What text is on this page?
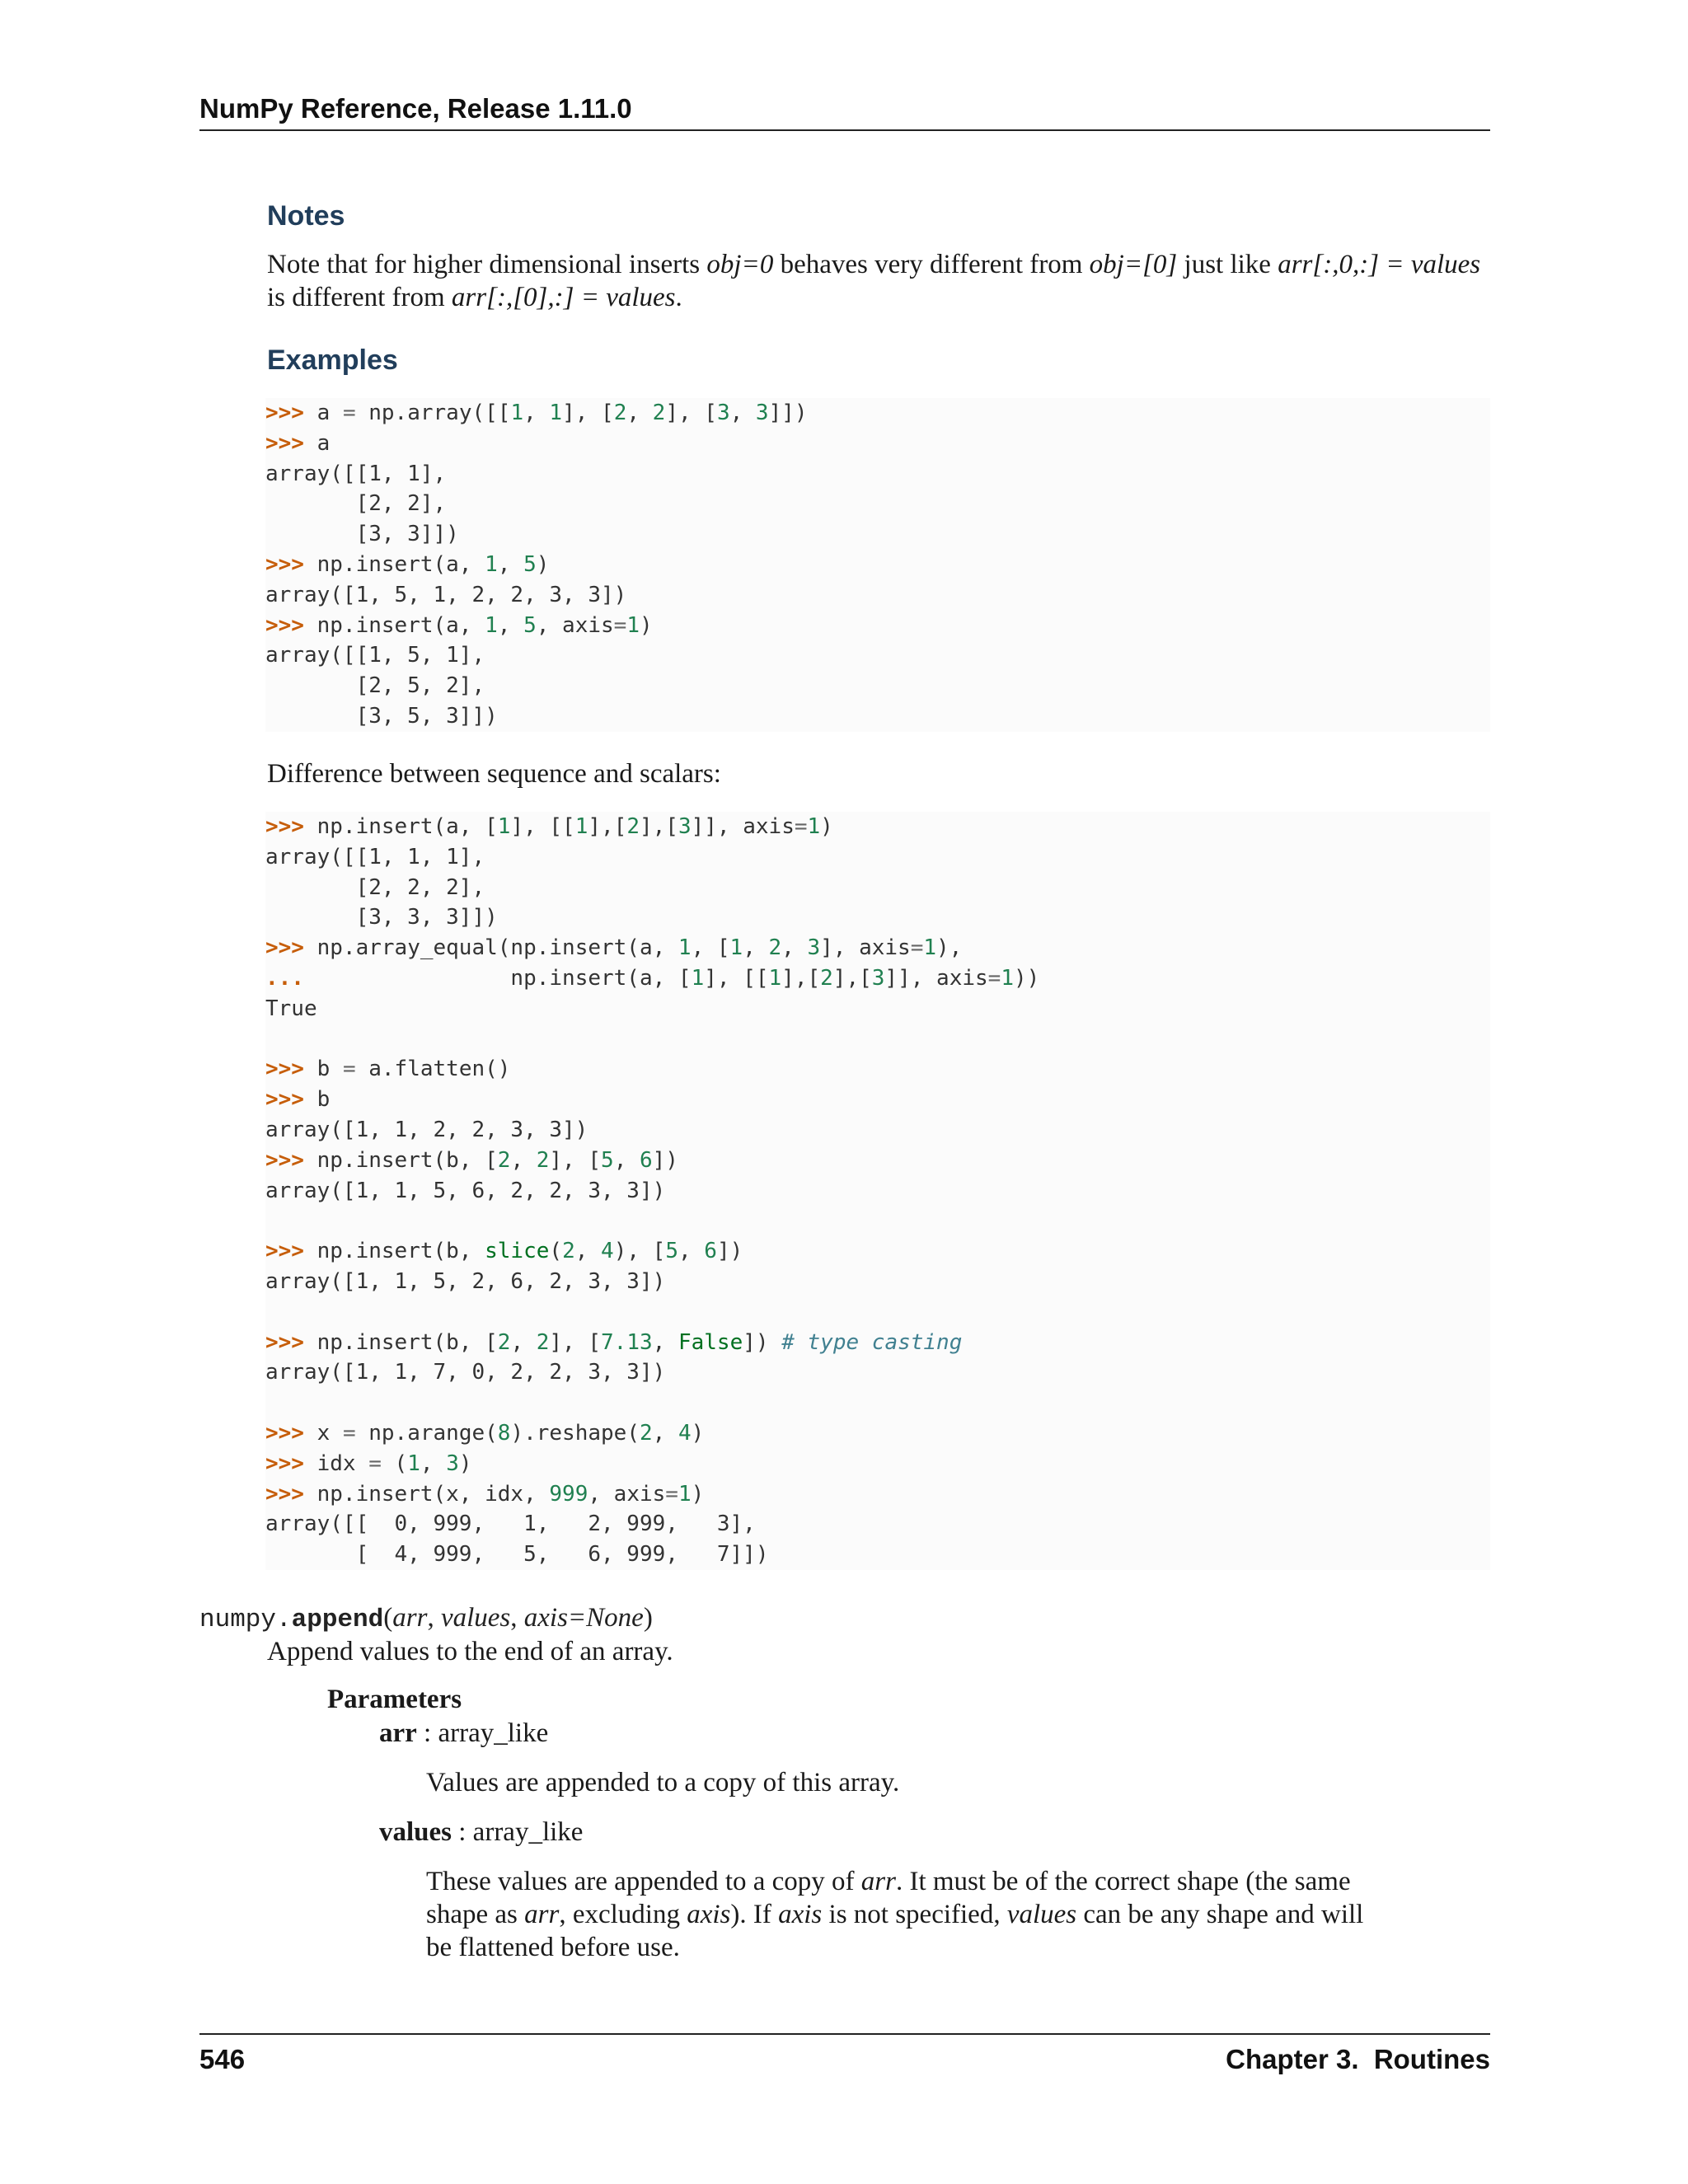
NumPy Reference, Release 1.11.0
Notes
Note that for higher dimensional inserts obj=0 behaves very different from obj=[0] just like arr[:,0,:] = values
is different from arr[:,[0],:] = values.
Examples
>>> a = np.array([[1, 1], [2, 2], [3, 3]])
>>> a
array([[1, 1],
[2, 2],
[3, 3]])
>>> np.insert(a, 1, 5)
array([1, 5, 1, 2, 2, 3, 3])
>>> np.insert(a, 1, 5, axis=1)
array([[1, 5, 1],
[2, 5, 2],
[3, 5, 3]])
Difference between sequence and scalars:
>>> np.insert(a, [1], [[1],[2],[3]], axis=1)
array([[1, 1, 1],
[2, 2, 2],
[3, 3, 3]])
>>> np.array_equal(np.insert(a, 1, [1, 2, 3], axis=1),
...                np.insert(a, [1], [[1],[2],[3]], axis=1))
True
>>> b = a.flatten()
>>> b
array([1, 1, 2, 2, 3, 3])
>>> np.insert(b, [2, 2], [5, 6])
array([1, 1, 5, 6, 2, 2, 3, 3])
>>> np.insert(b, slice(2, 4), [5, 6])
array([1, 1, 5, 2, 6, 2, 3, 3])
>>> np.insert(b, [2, 2], [7.13, False]) # type casting
array([1, 1, 7, 0, 2, 2, 3, 3])
>>> x = np.arange(8).reshape(2, 4)
>>> idx = (1, 3)
>>> np.insert(x, idx, 999, axis=1)
array([[  0, 999,   1,   2, 999,   3],
[  4, 999,   5,   6, 999,   7]])
numpy.append(arr, values, axis=None)
Append values to the end of an array.
Parameters
arr : array_like
Values are appended to a copy of this array.
values : array_like
These values are appended to a copy of arr. It must be of the correct shape (the same
shape as arr, excluding axis). If axis is not specified, values can be any shape and will
be flattened before use.
546	Chapter 3.  Routines
